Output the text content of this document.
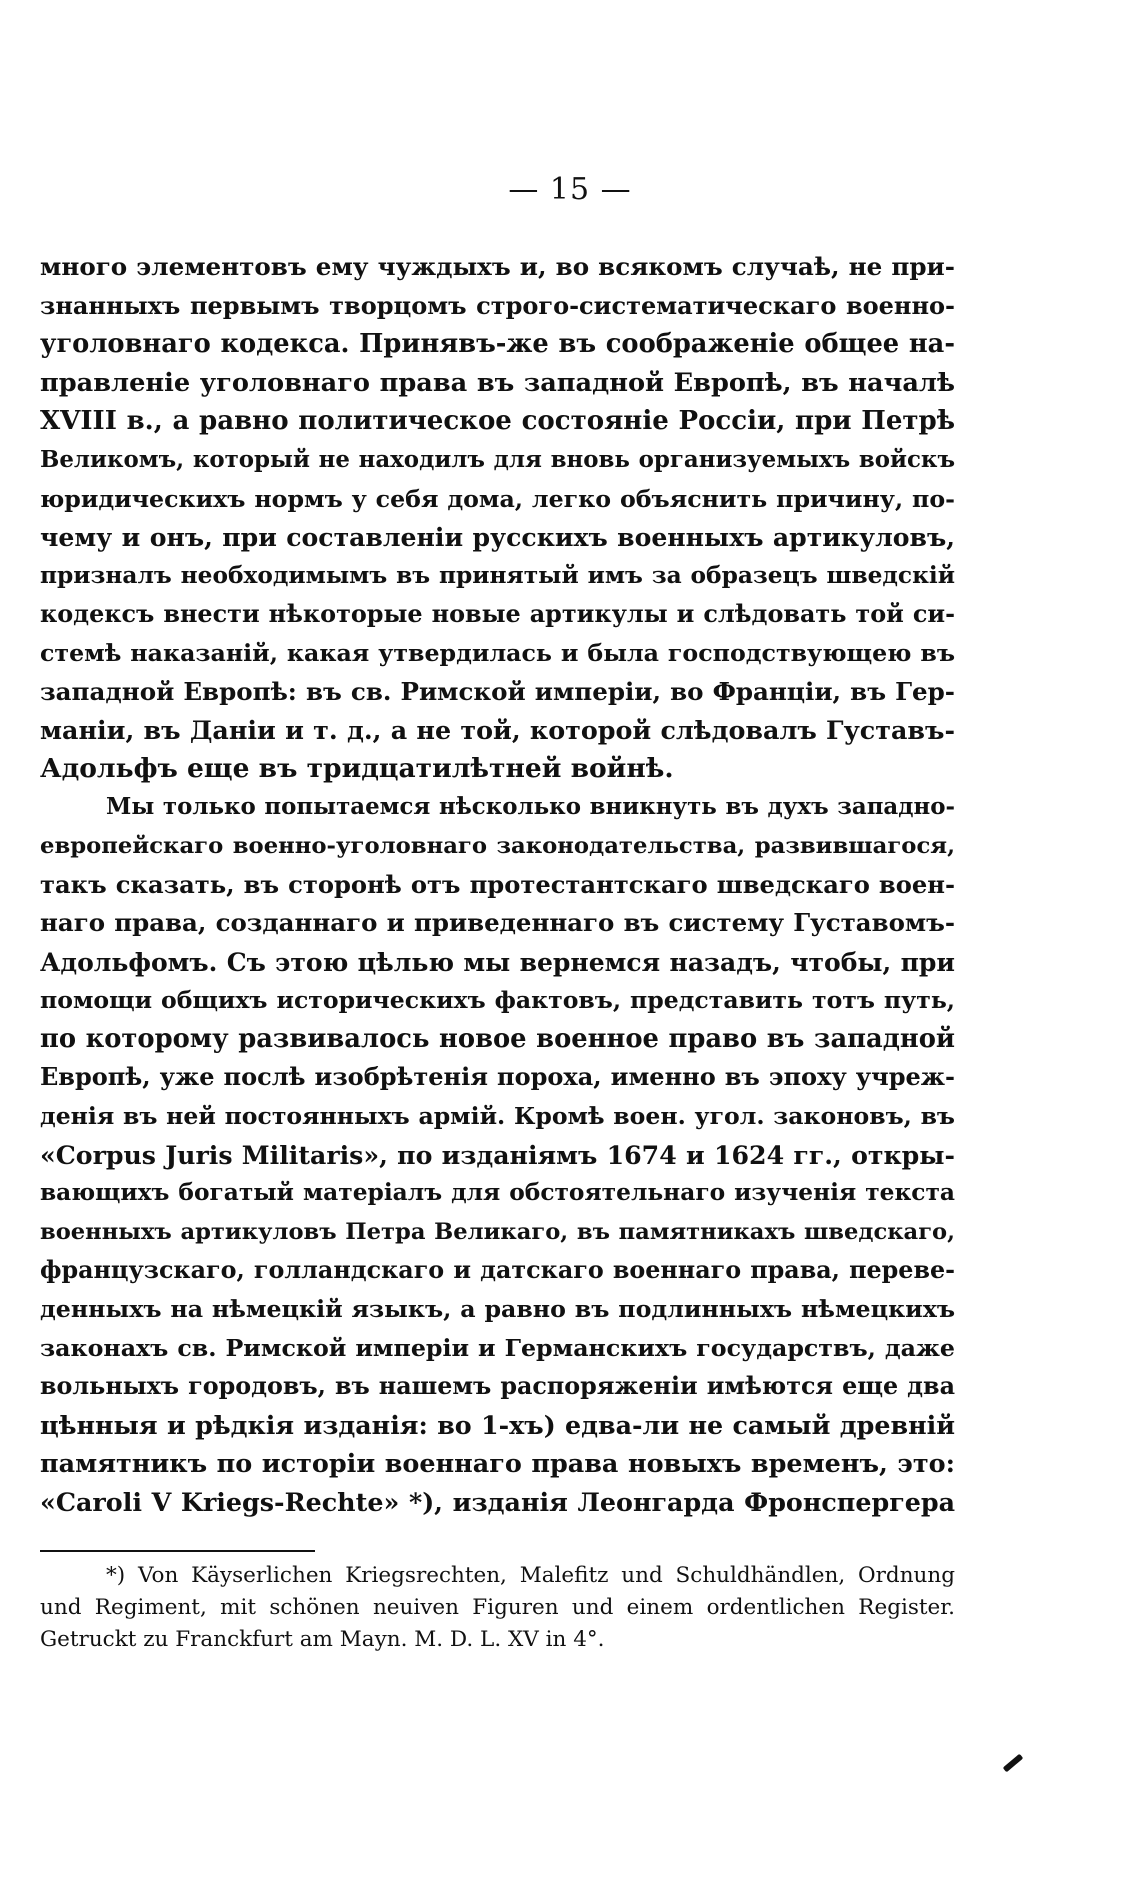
— 15 —
много элементовъ ему чуждыхъ и, во всякомъ случаѣ, не при-
знанныхъ первымъ творцомъ строго-систематическаго военно-
уголовнаго кодекса. Принявъ-же въ соображеніе общее на-
правленіе уголовнаго права въ западной Европѣ, въ началѣ
XVIII в., а равно политическое состояніе Россіи, при Петрѣ
Великомъ, который не находилъ для вновь организуемыхъ войскъ
юридическихъ нормъ у себя дома, легко объяснить причину, по-
чему и онъ, при составленіи русскихъ военныхъ артикуловъ,
призналъ необходимымъ въ принятый имъ за образецъ шведскій
кодексъ внести нѣкоторые новые артикулы и слѣдовать той си-
стемѣ наказаній, какая утвердилась и была господствующею въ
западной Европѣ: въ св. Римской имперіи, во Франціи, въ Гер-
маніи, въ Даніи и т. д., а не той, которой слѣдовалъ Густавъ-
Адольфъ еще въ тридцатилѣтней войнѣ.
Мы только попытаемся нѣсколько вникнуть въ духъ западно-
европейскаго военно-уголовнаго законодательства, развившагося,
такъ сказать, въ сторонѣ отъ протестантскаго шведскаго воен-
наго права, созданнаго и приведеннаго въ систему Густавомъ-
Адольфомъ. Съ этою цѣлью мы вернемся назадъ, чтобы, при
помощи общихъ историческихъ фактовъ, представить тотъ путь,
по которому развивалось новое военное право въ западной
Европѣ, уже послѣ изобрѣтенія пороха, именно въ эпоху учреж-
денія въ ней постоянныхъ армій. Кромѣ воен. угол. законовъ, въ
«Corpus Juris Militaris», по изданіямъ 1674 и 1624 гг., откры-
вающихъ богатый матеріалъ для обстоятельнаго изученія текста
военныхъ артикуловъ Петра Великаго, въ памятникахъ шведскаго,
французскаго, голландскаго и датскаго военнаго права, переве-
денныхъ на нѣмецкій языкъ, а равно въ подлинныхъ нѣмецкихъ
законахъ св. Римской имперіи и Германскихъ государствъ, даже
вольныхъ городовъ, въ нашемъ распоряженіи имѣются еще два
цѣнныя и рѣдкія изданія: во 1-хъ) едва-ли не самый древній
памятникъ по исторіи военнаго права новыхъ временъ, это:
«Caroli V Kriegs-Rechte» *), изданія Леонгарда Фронспергера
*) Von Käyserlichen Kriegsrechten, Malefitz und Schuldhändlen, Ordnung
und Regiment, mit schönen neuiven Figuren und einem ordentlichen Register.
Getruckt zu Franckfurt am Mayn. M. D. L. XV in 4°.
